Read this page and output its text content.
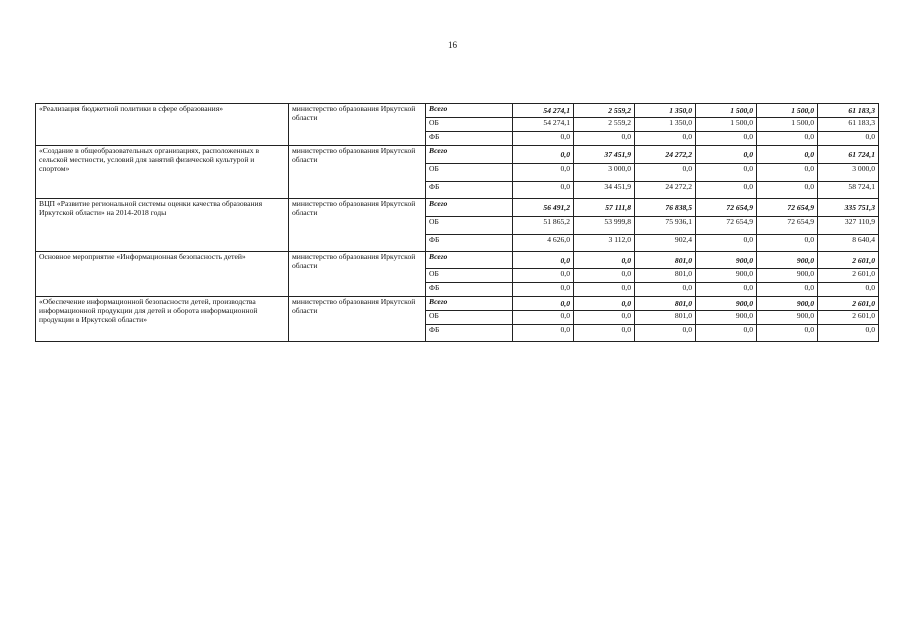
16
«Реализация бюджетной политики в сфере образования»	министерство образования Иркутской области	Всего	54 274,1	2 559,2	1 350,0	1 500,0	1 500,0	61 183,3
		ОБ	54 274,1	2 559,2	1 350,0	1 500,0	1 500,0	61 183,3
		ФБ	0,0	0,0	0,0	0,0	0,0	0,0
«Создание в общеобразовательных организациях, расположенных в сельской местности, условий для занятий физической культурой и спортом»	министерство образования Иркутской области	Всего	0,0	37 451,9	24 272,2	0,0	0,0	61 724,1
		ОБ	0,0	3 000,0	0,0	0,0	0,0	3 000,0
		ФБ	0,0	34 451,9	24 272,2	0,0	0,0	58 724,1
ВЦП «Развитие региональной системы оценки качества образования Иркутской области» на 2014-2018 годы	министерство образования Иркутской области	Всего	56 491,2	57 111,8	76 838,5	72 654,9	72 654,9	335 751,3
		ОБ	51 865,2	53 999,8	75 936,1	72 654,9	72 654,9	327 110,9
		ФБ	4 626,0	3 112,0	902,4	0,0	0,0	8 640,4
Основное мероприятие «Информационная безопасность детей»	министерство образования Иркутской области	Всего	0,0	0,0	801,0	900,0	900,0	2 601,0
		ОБ	0,0	0,0	801,0	900,0	900,0	2 601,0
		ФБ	0,0	0,0	0,0	0,0	0,0	0,0
«Обеспечение информационной безопасности детей, производства информационной продукции для детей и оборота информационной продукции в Иркутской области»	министерство образования Иркутской области	Всего	0,0	0,0	801,0	900,0	900,0	2 601,0
		ОБ	0,0	0,0	801,0	900,0	900,0	2 601,0
		ФБ	0,0	0,0	0,0	0,0	0,0	0,0
